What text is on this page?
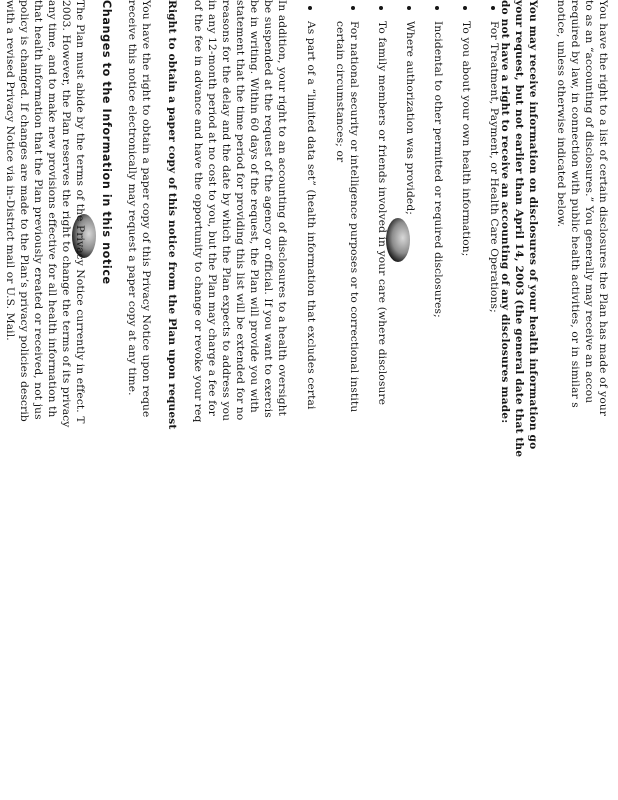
You have the right to a list of certain disclosures the Plan has made of your
to as an “accounting of disclosures.” You generally may receive an accou
required by law, in connection with public health activities, or in similar s
notice, unless otherwise indicated below.
You may receive information on disclosures of your health information go
your request, but not earlier than April 14, 2003 (the general date that the
do not have a right to receive an accounting of any disclosures made:
For Treatment, Payment, or Health Care Operations;
To you about your own health information;
Incidental to other permitted or required disclosures;
Where authorization was provided;
To family members or friends involved in your care (where disclosure
For national security or intelligence purposes or to correctional institu
certain circumstances; or
As part of a “limited data set” (health information that excludes certai
In addition, your right to an accounting of disclosures to a health oversight
be suspended at the request of the agency or official. If you want to exercis
be in writing. Within 60 days of the request, the Plan will provide you with
statement that the time period for providing this list will be extended for no
reasons for the delay and the date by which the Plan expects to address you
in any 12-month period at no cost to you, but the Plan may charge a fee for
of the fee in advance and have the opportunity to change or revoke your req
Right to obtain a paper copy of this notice from the Plan upon request
You have the right to obtain a paper copy of this Privacy Notice upon reque
receive this notice electronically may request a paper copy at any time.
Changes to the Information in this notice
The Plan must abide by the terms of the Privacy Notice currently in effect. T
2003. However, the Plan reserves the right to change the terms of its privacy
any time, and to make new provisions effective for all health information th
that health information that the Plan previously created or received, not jus
policy is changed. If changes are made to the Plan’s privacy policies describ
with a revised Privacy Notice via in-District mail or U.S. Mail.
